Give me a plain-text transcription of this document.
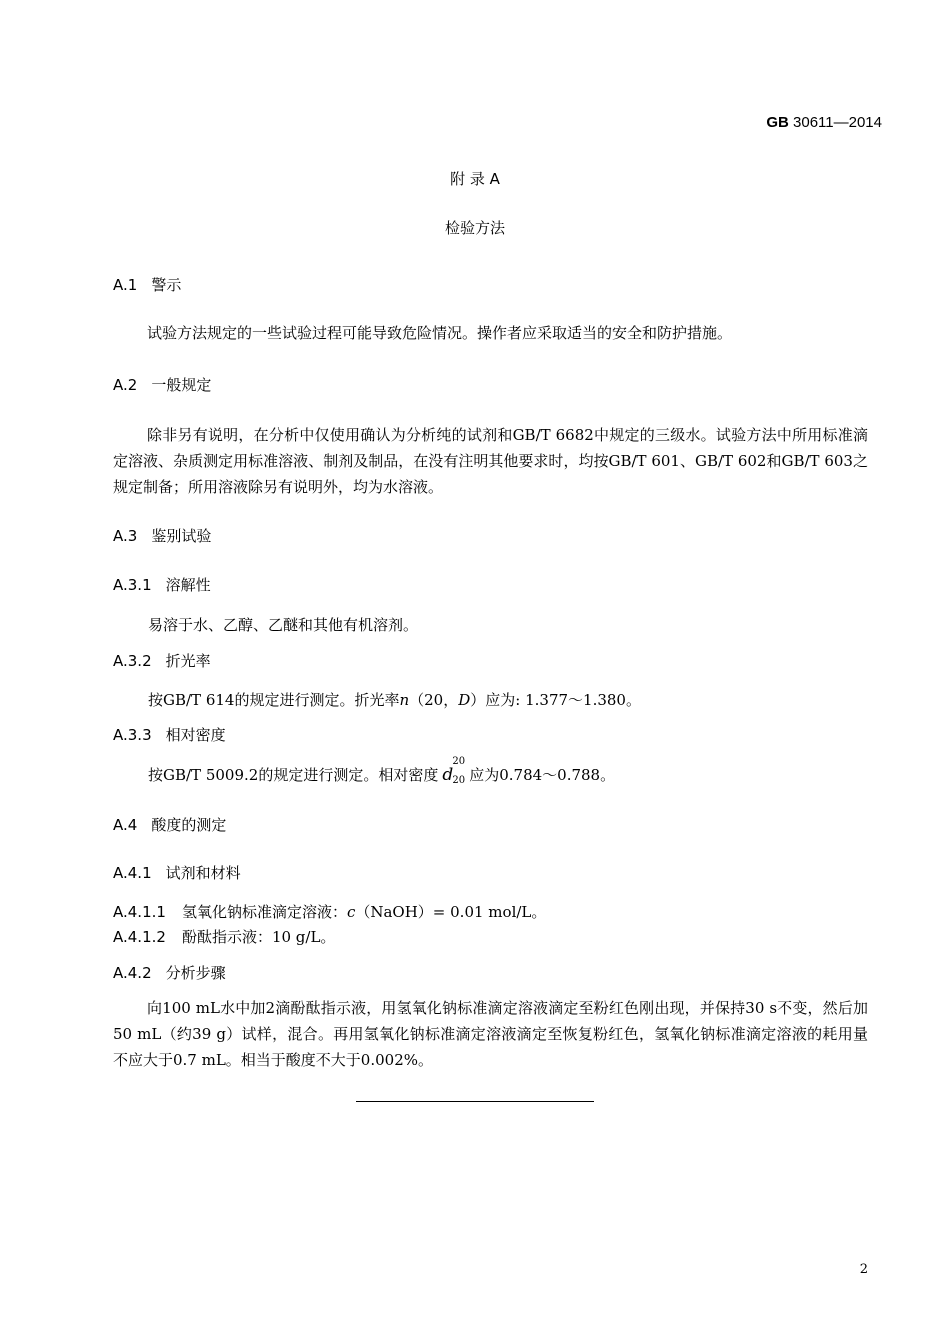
GB 30611—2014
附 录 A
检验方法
A.1 警示
试验方法规定的一些试验过程可能导致危险情况。操作者应采取适当的安全和防护措施。
A.2 一般规定
除非另有说明，在分析中仅使用确认为分析纯的试剂和GB/T 6682中规定的三级水。试验方法中所用标准滴定溶液、杂质测定用标准溶液、制剂及制品，在没有注明其他要求时，均按GB/T 601、GB/T 602和GB/T 603之规定制备；所用溶液除另有说明外，均为水溶液。
A.3 鉴别试验
A.3.1 溶解性
易溶于水、乙醇、乙醚和其他有机溶剂。
A.3.2 折光率
按GB/T 614的规定进行测定。折光率n（20，D）应为: 1.377～1.380。
A.3.3 相对密度
按GB/T 5009.2的规定进行测定。相对密度 d
20
20 应为0.784～0.788。
A.4 酸度的测定
A.4.1 试剂和材料
A.4.1.1 氢氧化钠标准滴定溶液：c（NaOH）= 0.01 mol/L。
A.4.1.2 酚酞指示液：10 g/L。
A.4.2 分析步骤
向100 mL水中加2滴酚酞指示液，用氢氧化钠标准滴定溶液滴定至粉红色刚出现，并保持30 s不变，然后加50 mL（约39 g）试样，混合。再用氢氧化钠标准滴定溶液滴定至恢复粉红色，氢氧化钠标准滴定溶液的耗用量不应大于0.7 mL。相当于酸度不大于0.002%。
2
